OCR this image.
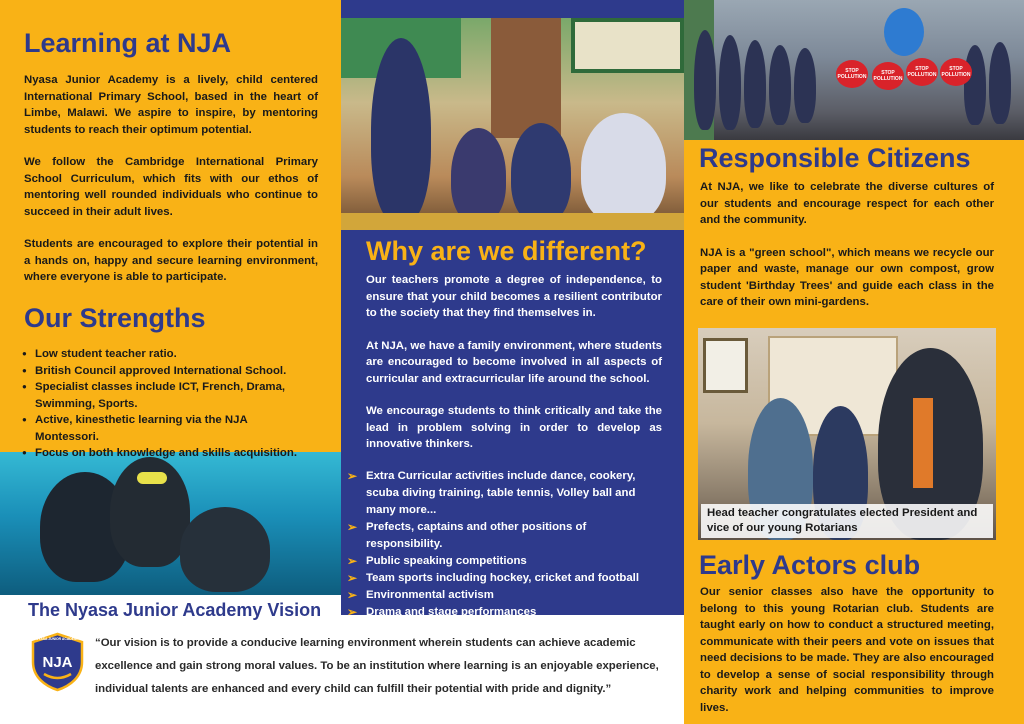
STOP POLLUTION
STOP POLLUTION
STOP POLLUTION
STOP POLLUTION
Learning at NJA

Nyasa Junior Academy is a lively, child centered International Primary School, based in the heart of Limbe, Malawi. We aspire to inspire, by mentoring students to reach their optimum potential.

We follow the Cambridge International Primary School Curriculum, which fits with our ethos of mentoring well rounded individuals who continue to succeed in their adult lives.

Students are encouraged to explore their potential in a hands on, happy and secure learning environment, where everyone is able to participate.

Our Strengths
● Low student teacher ratio.
● British Council approved International School.
● Specialist classes include ICT, French, Drama, Swimming, Sports.
● Active, kinesthetic learning via the NJA Montessori.
● Focus on both knowledge and skills acquisition.
Why are we different?

Our teachers promote a degree of independence, to ensure that your child becomes a resilient contributor to the society that they find themselves in.

At NJA, we have a family environment, where students are encouraged to become involved in all aspects of curricular and extracurricular life around the school.

We encourage students to think critically and take the lead in problem solving in order to develop as innovative thinkers.

➢ Extra Curricular activities include dance, cookery, scuba diving training, table tennis, Volley ball and many more...
➢ Prefects, captains and other positions of responsibility.
➢ Public speaking competitions
➢ Team sports including hockey, cricket and football
➢ Environmental activism
➢ Drama and stage performances
Responsible Citizens

At NJA, we like to celebrate the diverse cultures of our students and encourage respect for each other and the community.

NJA is a "green school", which means we recycle our paper and waste, manage our own compost, grow student 'Birthday Trees' and guide each class in the care of their own mini-gardens.

Head teacher congratulates elected President and vice of our young Rotarians
Early Actors club

Our senior classes also have the opportunity to belong to this young Rotarian club. Students are taught early on how to conduct a structured meeting, communicate with their peers and vote on issues that need decisions to be made. They are also encouraged to develop a sense of social responsibility through charity work and helping communities to improve lives.

The Nyasa Junior Academy Vision
NJA
NYASA JUNIOR ACADEMY “Our vision is to provide a conducive learning environment wherein students can achieve academic excellence and gain strong moral values. To be an institution where learning is an enjoyable experience, individual talents are enhanced and every child can fulfill their potential with pride and dignity.”
